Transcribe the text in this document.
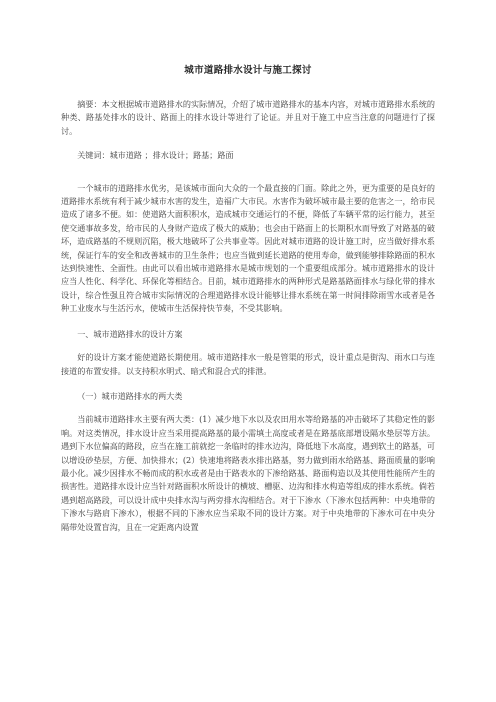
城市道路排水设计与施工探讨

摘要：本文根据城市道路排水的实际情况，介绍了城市道路排水的基本内容，对城市道路排水系统的种类、路基处排水的设计、路面上的排水设计等进行了论证。并且对于施工中应当注意的问题进行了探讨。

关键词：城市道路 ；排水设计；路基；路面

一个城市的道路排水优劣，是该城市面向大众的一个最直接的门面。除此之外，更为重要的是良好的道路排水系统有利于减少城市水害的发生，造福广大市民。水害作为破坏城市最主要的危害之一，给市民造成了诸多不便。如：使道路大面积积水，造成城市交通运行的不便，降低了车辆平常的运行能力，甚至使交通事故多发，给市民的人身财产造成了极大的威胁；也会由于路面上的长期积水而导致了对路基的破坏，造成路基的不规则沉陷，极大地破坏了公共事业等。因此对城市道路的设计施工时，应当做好排水系统，保证行车的安全和改善城市的卫生条件；也应当做到延长道路的使用寿命，做到能够排除路面的积水达到快速性、全面性。由此可以看出城市道路排水是城市规划的一个重要组成部分。城市道路排水的设计应当人性化、科学化、环保化等相结合。目前，城市道路排水的两种形式是路基路面排水与绿化带的排水设计，综合性强且符合城市实际情况的合理道路排水设计能够让排水系统在第一时间排除雨雪水或者是各种工业废水与生活污水，使城市生活保持快节奏，不受其影响。

一、城市道路排水的设计方案

好的设计方案才能使道路长期使用。城市道路排水一般是管渠的形式，设计重点是街沟、雨水口与连接道的布置安排。以支持积水明式、暗式和混合式的排泄。

（一）城市道路排水的两大类

当前城市道路排水主要有两大类：(1）减少地下水以及农田用水等给路基的冲击破坏了其稳定性的影响。对这类情况，排水设计应当采用提高路基的最小需填土高度或者是在路基底部增设隔水垫层等方法。遇到下水位偏高的路段，应当在施工前就挖一条临时的排水边沟，降低地下水高度，遇到软土的路基，可以增设砂垫层，方便、加快排水；(2）快速地将路表水排出路基，努力做到雨水给路基、路面质量的影响最小化。减少因排水不畅而成的积水或者是由于路表水的下渗给路基、路面构造以及其使用性能所产生的损害性。道路排水设计应当针对路面积水所设计的横坡、槽驱、边沟和排水构造等组成的排水系统。倘若遇到超高路段，可以设计成中央排水沟与两旁排水沟相结合。对于下渗水（下渗水包括两种：中央地带的下渗水与路肩下渗水），根据不同的下渗水应当采取不同的设计方案。对于中央地带的下渗水可在中央分隔带处设置盲沟，且在一定距离内设置
